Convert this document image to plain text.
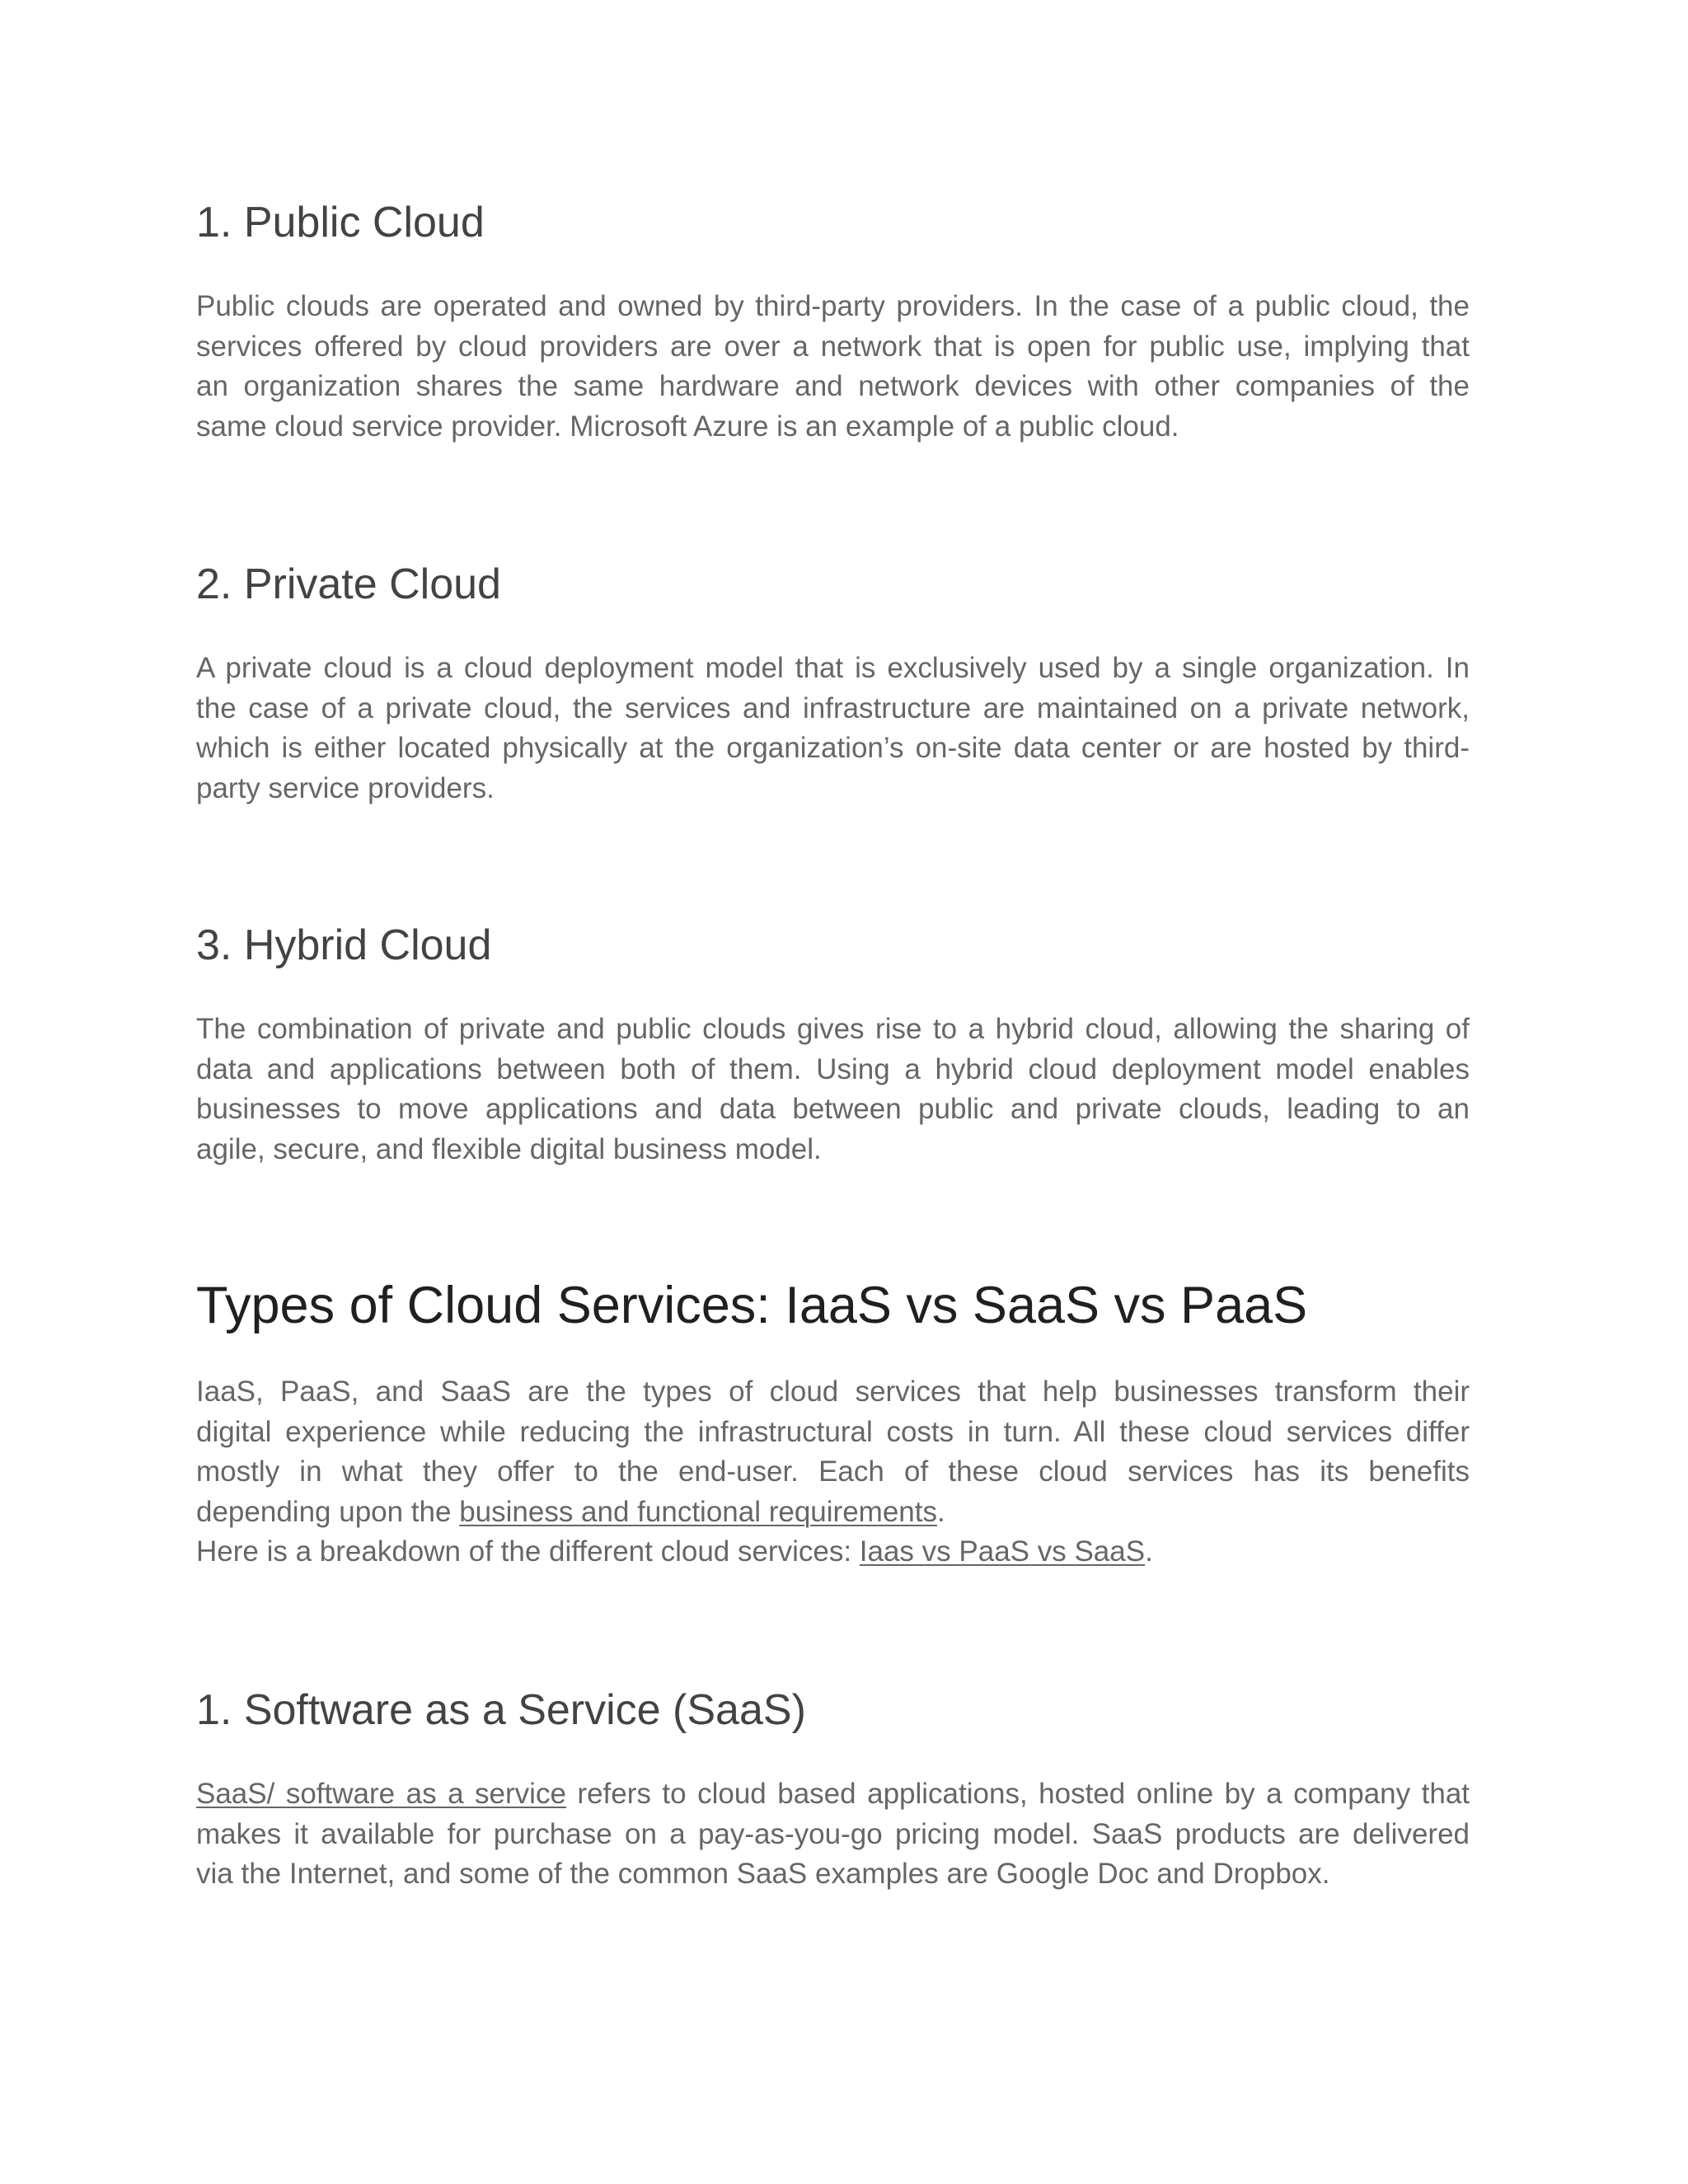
1. Public Cloud

Public clouds are operated and owned by third-party providers. In the case of a public cloud, the
services offered by cloud providers are over a network that is open for public use, implying that
an organization shares the same hardware and network devices with other companies of the
same cloud service provider. Microsoft Azure is an example of a public cloud.

2. Private Cloud

A private cloud is a cloud deployment model that is exclusively used by a single organization. In
the case of a private cloud, the services and infrastructure are maintained on a private network,
which is either located physically at the organization’s on-site data center or are hosted by third-
party service providers.

3. Hybrid Cloud

The combination of private and public clouds gives rise to a hybrid cloud, allowing the sharing of
data and applications between both of them. Using a hybrid cloud deployment model enables
businesses to move applications and data between public and private clouds, leading to an
agile, secure, and flexible digital business model.

Types of Cloud Services: IaaS vs SaaS vs PaaS

IaaS, PaaS, and SaaS are the types of cloud services that help businesses transform their
digital experience while reducing the infrastructural costs in turn. All these cloud services differ
mostly in what they offer to the end-user. Each of these cloud services has its benefits
depending upon the business and functional requirements.
Here is a breakdown of the different cloud services: Iaas vs PaaS vs SaaS.

1. Software as a Service (SaaS)

SaaS/ software as a service refers to cloud based applications, hosted online by a company that
makes it available for purchase on a pay-as-you-go pricing model. SaaS products are delivered
via the Internet, and some of the common SaaS examples are Google Doc and Dropbox.
